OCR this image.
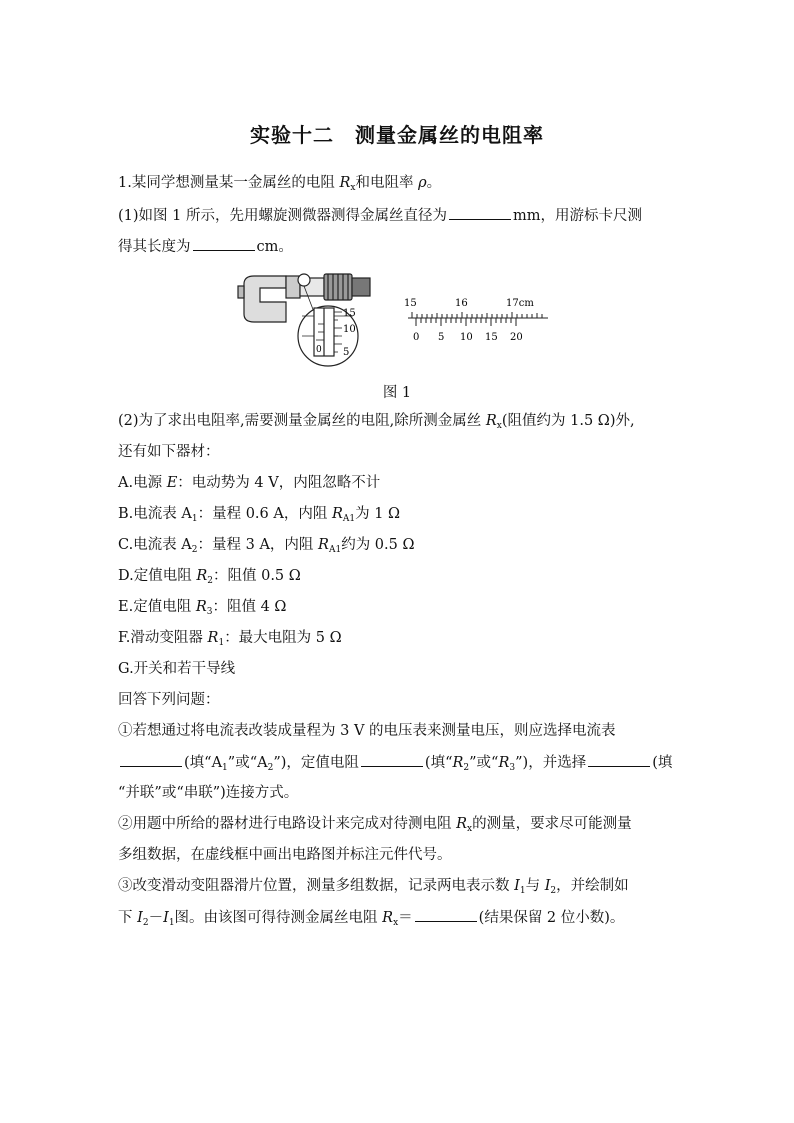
实验十二　测量金属丝的电阻率
1.某同学想测量某一金属丝的电阻 $R_x$和电阻率 ρ。
(1)如图 1 所示，先用螺旋测微器测得金属丝直径为	mm，用游标卡尺测
得其长度为	cm。
15
10
5
0
15	16	17cm
0 5 10 15 20
图 1
(2)为了求出电阻率,需要测量金属丝的电阻,除所测金属丝 $R_x$(阻值约为 1.5 Ω)外,
还有如下器材：
A.电源 E：电动势为 4 V，内阻忽略不计
B.电流表 $A_1$：量程 0.6 A，内阻 $R_{A1}$为 1 Ω
C.电流表 $A_2$：量程 3 A，内阻 $R_{A1}$约为 0.5 Ω
D.定值电阻 $R_2$：阻值 0.5 Ω
E.定值电阻 $R_3$：阻值 4 Ω
F.滑动变阻器 $R_1$：最大电阻为 5 Ω
G.开关和若干导线
回答下列问题：
①若想通过将电流表改装成量程为 3 V 的电压表来测量电压，则应选择电流表
(填“$A_1$”或“$A_2$”)，定值电阻	(填“$R_2$”或“$R_3$”)，并选择	(填
“并联”或“串联”)连接方式。
②用题中所给的器材进行电路设计来完成对待测电阻 $R_x$的测量，要求尽可能测量
多组数据，在虚线框中画出电路图并标注元件代号。
③改变滑动变阻器滑片位置，测量多组数据，记录两电表示数 $I_1$与 $I_2$，并绘制如
下 $I_2-I_1$图。由该图可得待测金属丝电阻 $R_x=$	(结果保留 2 位小数)。
